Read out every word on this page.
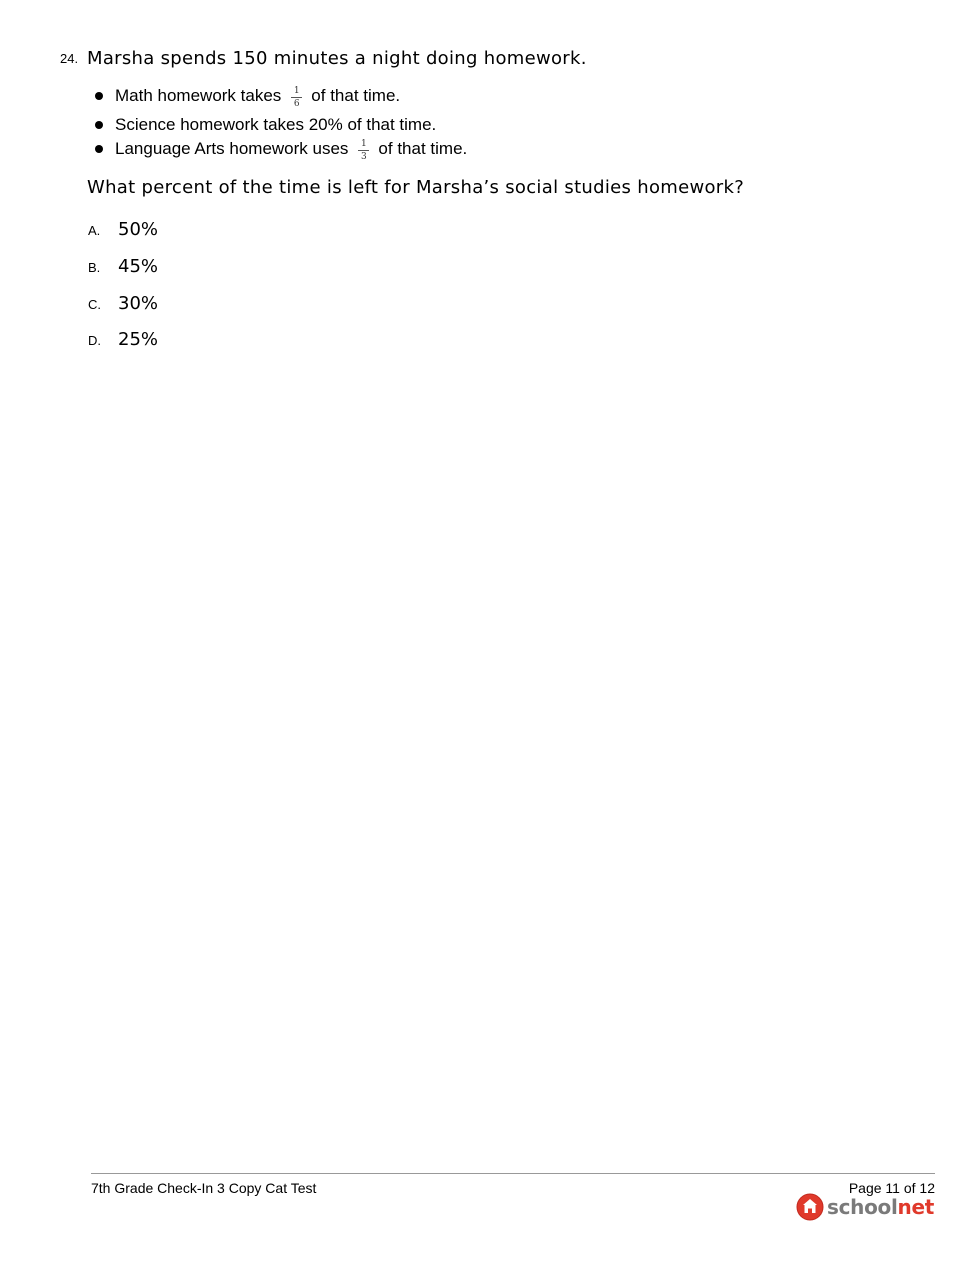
24. Marsha spends 150 minutes a night doing homework.
Math homework takes $\frac{1}{6}$ of that time.
Science homework takes 20% of that time.
Language Arts homework uses $\frac{1}{3}$ of that time.
What percent of the time is left for Marsha’s social studies homework?
A. 50%
B. 45%
C. 30%
D. 25%
7th Grade Check-In 3 Copy Cat Test	Page 11 of 12
schoolnet
